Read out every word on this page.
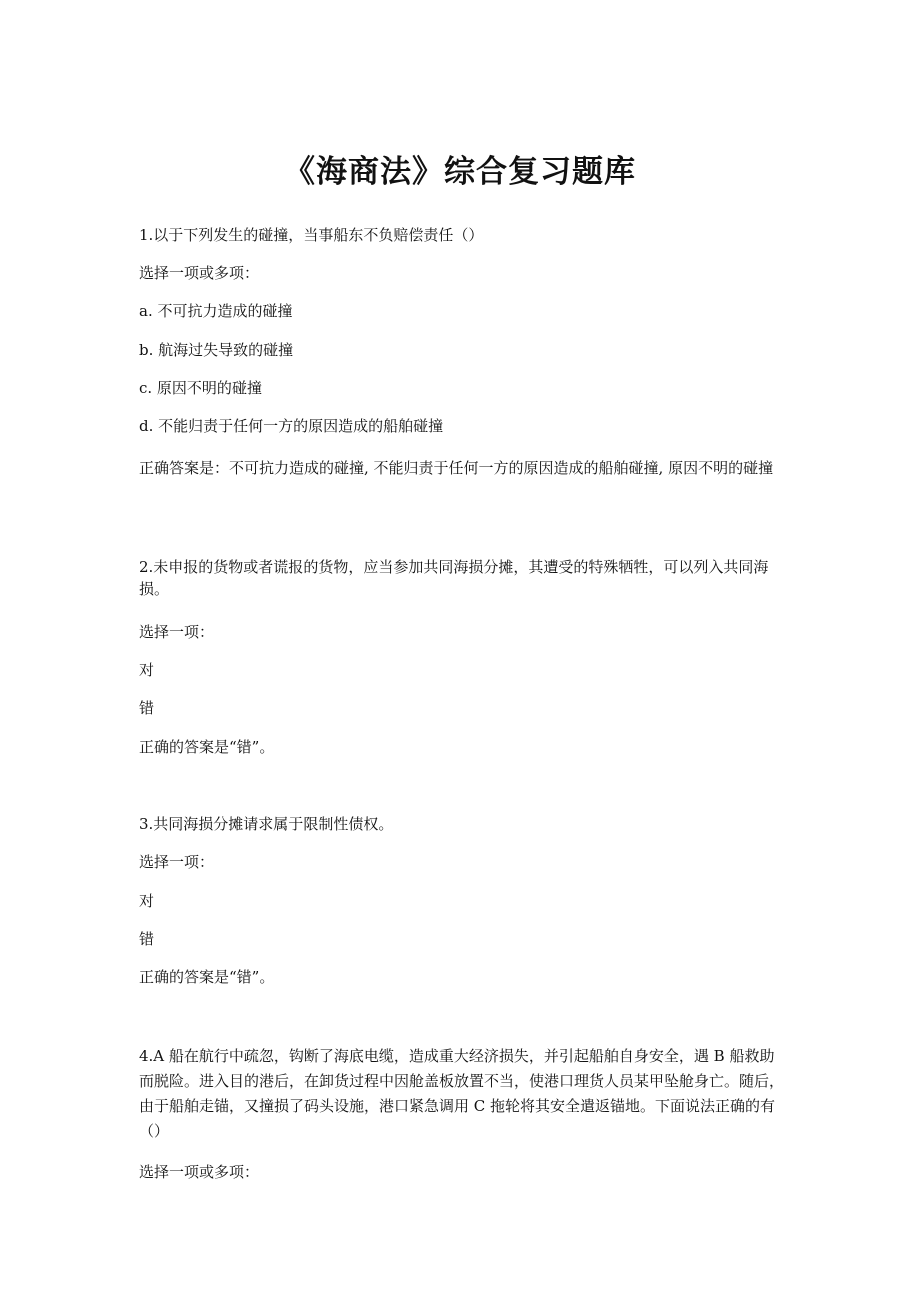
《海商法》综合复习题库

1.以于下列发生的碰撞，当事船东不负赔偿责任（）

选择一项或多项：

a. 不可抗力造成的碰撞

b. 航海过失导致的碰撞

c. 原因不明的碰撞

d. 不能归责于任何一方的原因造成的船舶碰撞

正确答案是：不可抗力造成的碰撞, 不能归责于任何一方的原因造成的船舶碰撞, 原因不明的碰撞

2.未申报的货物或者谎报的货物，应当参加共同海损分摊，其遭受的特殊牺牲，可以列入共同海损。

选择一项：

对

错

正确的答案是“错”。

3.共同海损分摊请求属于限制性债权。

选择一项：

对

错

正确的答案是“错”。

4.A 船在航行中疏忽，钩断了海底电缆，造成重大经济损失，并引起船舶自身安全，遇 B 船救助而脱险。进入目的港后，在卸货过程中因舱盖板放置不当，使港口理货人员某甲坠舱身亡。随后，由于船舶走锚，又撞损了码头设施，港口紧急调用 C 拖轮将其安全遣返锚地。下面说法正确的有（）

选择一项或多项：
